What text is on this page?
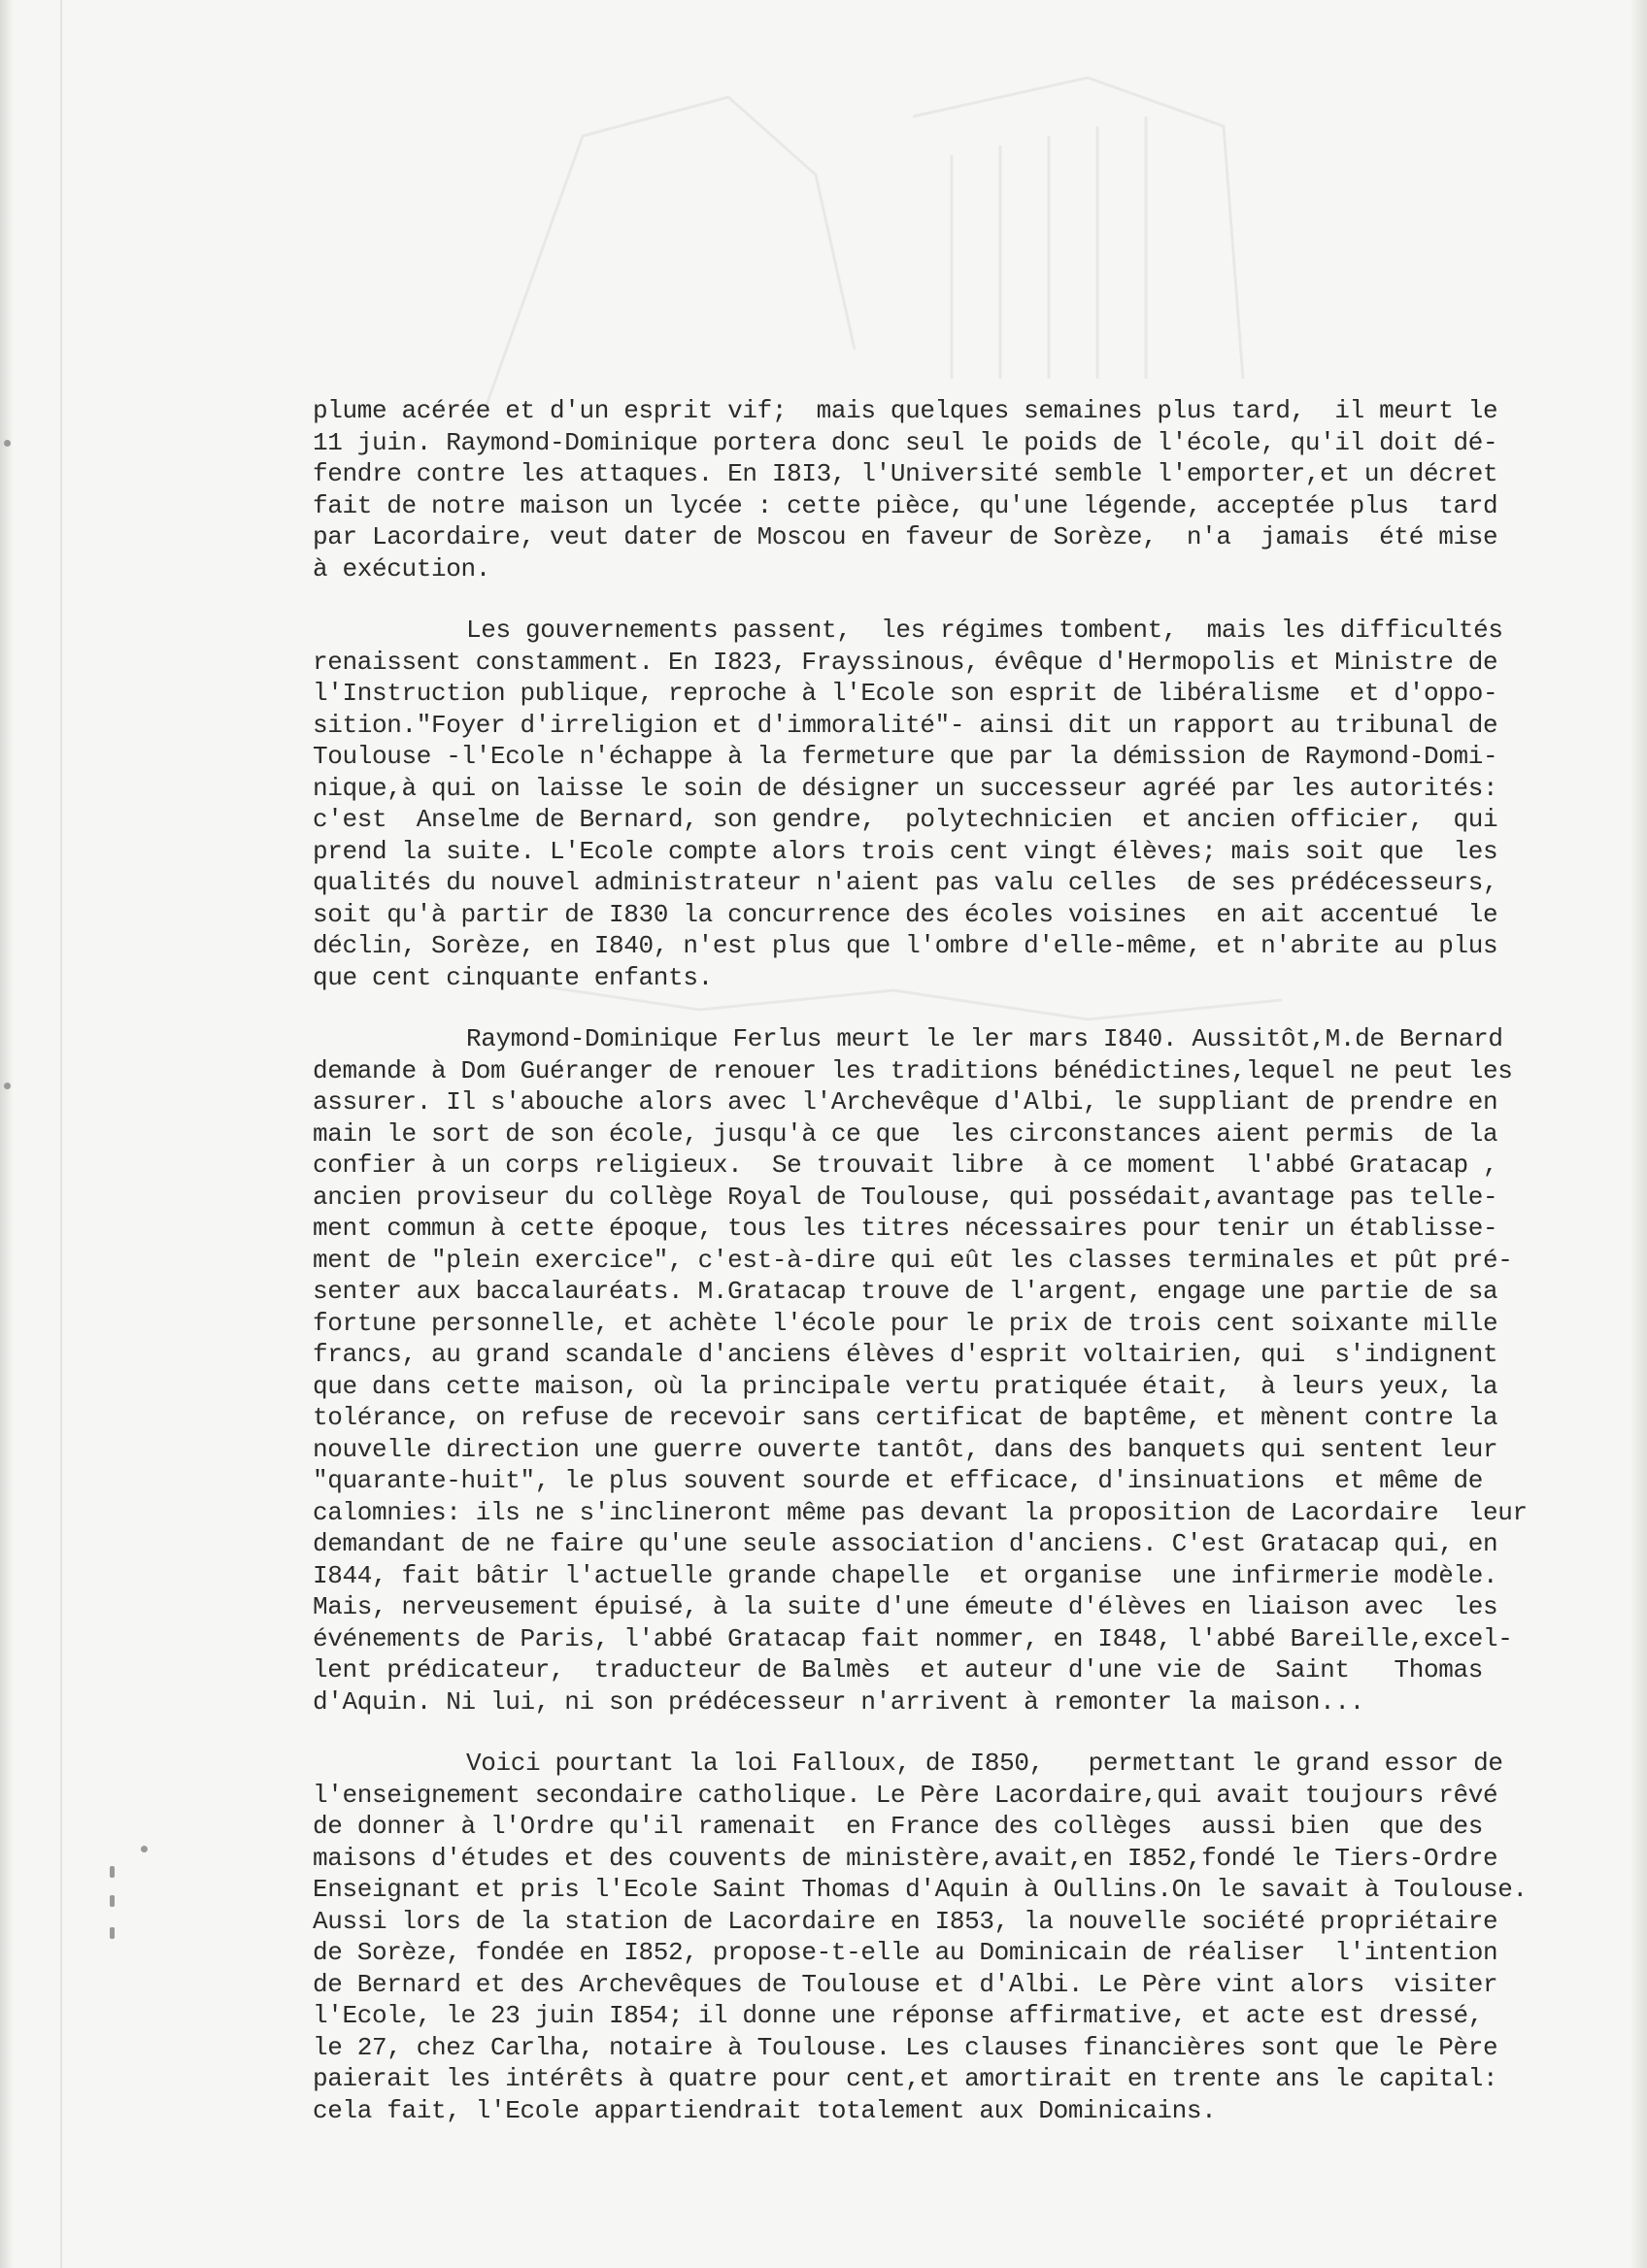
plume acérée et d'un esprit vif;  mais quelques semaines plus tard,  il meurt le
11 juin. Raymond-Dominique portera donc seul le poids de l'école, qu'il doit dé-
fendre contre les attaques. En I8I3, l'Université semble l'emporter,et un décret
fait de notre maison un lycée : cette pièce, qu'une légende, acceptée plus  tard
par Lacordaire, veut dater de Moscou en faveur de Sorèze,  n'a  jamais  été mise
à exécution.
Les gouvernements passent,  les régimes tombent,  mais les difficultés
renaissent constamment. En I823, Frayssinous, évêque d'Hermopolis et Ministre de
l'Instruction publique, reproche à l'Ecole son esprit de libéralisme  et d'oppo-
sition."Foyer d'irreligion et d'immoralité"- ainsi dit un rapport au tribunal de
Toulouse -l'Ecole n'échappe à la fermeture que par la démission de Raymond-Domi-
nique,à qui on laisse le soin de désigner un successeur agréé par les autorités:
c'est  Anselme de Bernard, son gendre,  polytechnicien  et ancien officier,  qui
prend la suite. L'Ecole compte alors trois cent vingt élèves; mais soit que  les
qualités du nouvel administrateur n'aient pas valu celles  de ses prédécesseurs,
soit qu'à partir de I830 la concurrence des écoles voisines  en ait accentué  le
déclin, Sorèze, en I840, n'est plus que l'ombre d'elle-même, et n'abrite au plus
que cent cinquante enfants.
Raymond-Dominique Ferlus meurt le ler mars I840. Aussitôt,M.de Bernard
demande à Dom Guéranger de renouer les traditions bénédictines,lequel ne peut les
assurer. Il s'abouche alors avec l'Archevêque d'Albi, le suppliant de prendre en
main le sort de son école, jusqu'à ce que  les circonstances aient permis  de la
confier à un corps religieux.  Se trouvait libre  à ce moment  l'abbé Gratacap ,
ancien proviseur du collège Royal de Toulouse, qui possédait,avantage pas telle-
ment commun à cette époque, tous les titres nécessaires pour tenir un établisse-
ment de "plein exercice", c'est-à-dire qui eût les classes terminales et pût pré-
senter aux baccalauréats. M.Gratacap trouve de l'argent, engage une partie de sa
fortune personnelle, et achète l'école pour le prix de trois cent soixante mille
francs, au grand scandale d'anciens élèves d'esprit voltairien, qui  s'indignent
que dans cette maison, où la principale vertu pratiquée était,  à leurs yeux, la
tolérance, on refuse de recevoir sans certificat de baptême, et mènent contre la
nouvelle direction une guerre ouverte tantôt, dans des banquets qui sentent leur
"quarante-huit", le plus souvent sourde et efficace, d'insinuations  et même de
calomnies: ils ne s'inclineront même pas devant la proposition de Lacordaire  leur
demandant de ne faire qu'une seule association d'anciens. C'est Gratacap qui, en
I844, fait bâtir l'actuelle grande chapelle  et organise  une infirmerie modèle.
Mais, nerveusement épuisé, à la suite d'une émeute d'élèves en liaison avec  les
événements de Paris, l'abbé Gratacap fait nommer, en I848, l'abbé Bareille,excel-
lent prédicateur,  traducteur de Balmès  et auteur d'une vie de  Saint   Thomas
d'Aquin. Ni lui, ni son prédécesseur n'arrivent à remonter la maison...
Voici pourtant la loi Falloux, de I850,   permettant le grand essor de
l'enseignement secondaire catholique. Le Père Lacordaire,qui avait toujours rêvé
de donner à l'Ordre qu'il ramenait  en France des collèges  aussi bien  que des
maisons d'études et des couvents de ministère,avait,en I852,fondé le Tiers-Ordre
Enseignant et pris l'Ecole Saint Thomas d'Aquin à Oullins.On le savait à Toulouse.
Aussi lors de la station de Lacordaire en I853, la nouvelle société propriétaire
de Sorèze, fondée en I852, propose-t-elle au Dominicain de réaliser  l'intention
de Bernard et des Archevêques de Toulouse et d'Albi. Le Père vint alors  visiter
l'Ecole, le 23 juin I854; il donne une réponse affirmative, et acte est dressé,
le 27, chez Carlha, notaire à Toulouse. Les clauses financières sont que le Père
paierait les intérêts à quatre pour cent,et amortirait en trente ans le capital:
cela fait, l'Ecole appartiendrait totalement aux Dominicains.
